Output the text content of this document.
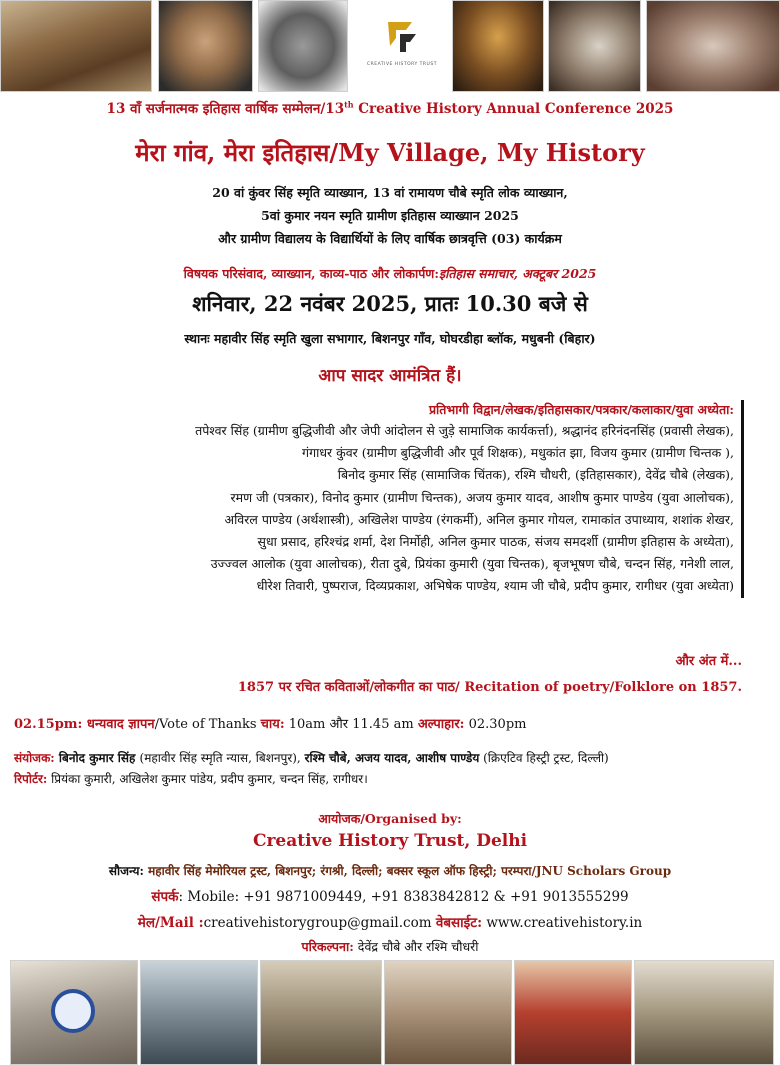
CREATIVE HISTORY TRUST
13 वाँ सर्जनात्मक इतिहास वार्षिक सम्मेलन/13th Creative History Annual Conference 2025
मेरा गांव, मेरा इतिहास/My Village, My History
20 वां कुंवर सिंह स्मृति व्याख्यान, 13 वां रामायण चौबे स्मृति लोक व्याख्यान,
5वां कुमार नयन स्मृति ग्रामीण इतिहास व्याख्यान 2025
और ग्रामीण विद्यालय के विद्यार्थियों के लिए वार्षिक छात्रवृत्ति (03) कार्यक्रम
विषयक परिसंवाद, व्याख्यान, काव्य-पाठ और लोकार्पण:इतिहास समाचार, अक्टूबर 2025
शनिवार, 22 नवंबर 2025, प्रातः 10.30 बजे से
स्थानः महावीर सिंह स्मृति खुला सभागार, बिशनपुर गाँव, घोघरडीहा ब्लॉक, मधुबनी (बिहार)
आप सादर आमंत्रित हैं।
प्रतिभागी विद्वान/लेखक/इतिहासकार/पत्रकार/कलाकार/युवा अध्येता:
तपेश्वर सिंह (ग्रामीण बुद्धिजीवी और जेपी आंदोलन से जुड़े सामाजिक कार्यकर्त्ता), श्रद्धानंद हरिनंदनसिंह (प्रवासी लेखक),
गंगाधर कुंवर (ग्रामीण बुद्धिजीवी और पूर्व शिक्षक), मधुकांत झा, विजय कुमार (ग्रामीण चिन्तक ),
बिनोद कुमार सिंह (सामाजिक चिंतक), रश्मि चौधरी, (इतिहासकार), देवेंद्र चौबे (लेखक),
रमण जी (पत्रकार), विनोद कुमार (ग्रामीण चिन्तक), अजय कुमार यादव, आशीष कुमार पाण्डेय (युवा आलोचक),
अविरल पाण्डेय (अर्थशास्त्री), अखिलेश पाण्डेय (रंगकर्मी), अनिल कुमार गोयल, रामाकांत उपाध्याय, शशांक शेखर,
सुधा प्रसाद, हरिश्चंद्र शर्मा, देश निर्मोही, अनिल कुमार पाठक, संजय समदर्शी (ग्रामीण इतिहास के अध्येता),
उज्ज्वल आलोक (युवा आलोचक), रीता दुबे, प्रियंका कुमारी (युवा चिन्तक), बृजभूषण चौबे, चन्दन सिंह, गनेशी लाल,
धीरेश तिवारी, पुष्पराज, दिव्यप्रकाश, अभिषेक पाण्डेय, श्याम जी चौबे, प्रदीप कुमार, रागीधर (युवा अध्येता)
और अंत में...
1857 पर रचित कविताओं/लोकगीत का पाठ/ Recitation of poetry/Folklore on 1857.
02.15pm: धन्यवाद ज्ञापन/Vote of Thanks चाय: 10am और 11.45 am अल्पाहार: 02.30pm
संयोजक: बिनोद कुमार सिंह (महावीर सिंह स्मृति न्यास, बिशनपुर), रश्मि चौबे, अजय यादव, आशीष पाण्डेय (क्रिएटिव हिस्ट्री ट्रस्ट, दिल्ली)
रिपोर्टर: प्रियंका कुमारी, अखिलेश कुमार पांडेय, प्रदीप कुमार, चन्दन सिंह, रागीधर।
आयोजक/Organised by:
Creative History Trust, Delhi
सौजन्य: महावीर सिंह मेमोरियल ट्रस्ट, बिशनपुर; रंगश्री, दिल्ली; बक्सर स्कूल ऑफ हिस्ट्री; परम्परा/JNU Scholars Group
संपर्क: Mobile: +91 9871009449, +91 8383842812 & +91 9013555299
मेल/Mail :creativehistorygroup@gmail.com वेबसाईट: www.creativehistory.in
परिकल्पना: देवेंद्र चौबे और रश्मि चौधरी
